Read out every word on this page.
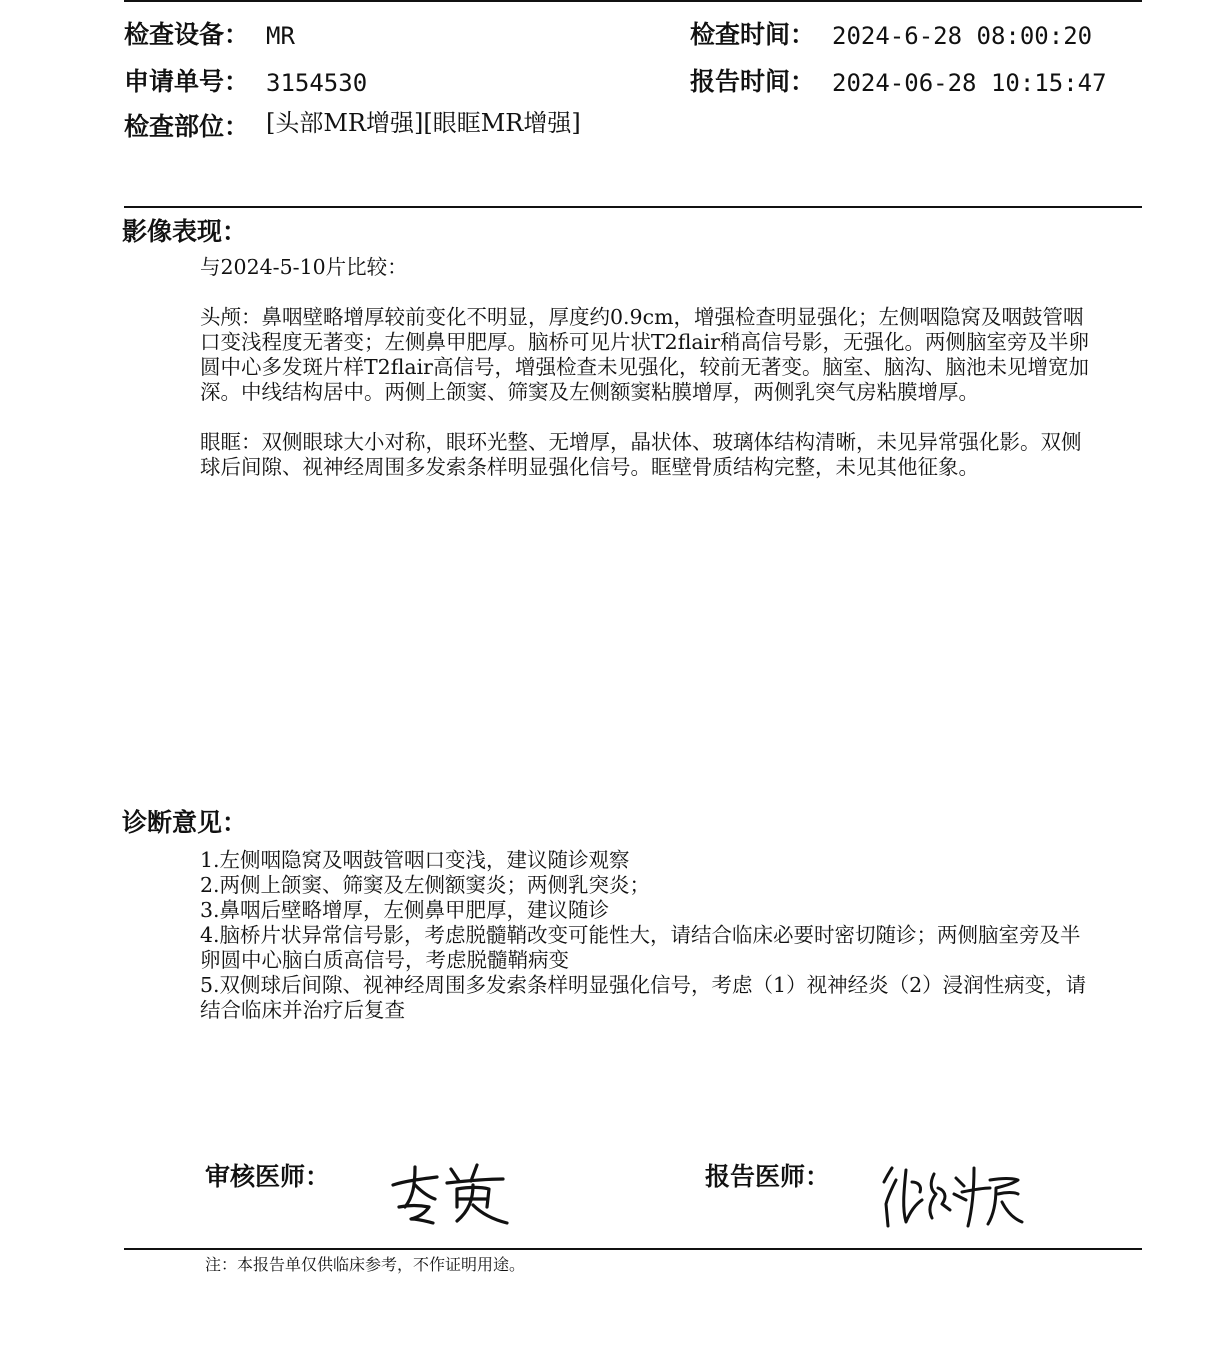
检查设备： MR	检查时间： 2024-6-28 08:00:20
申请单号： 3154530	报告时间： 2024-06-28 10:15:47
检查部位： [头部MR增强][眼眶MR增强]
影像表现：

与2024-5-10片比较：

头颅：鼻咽壁略增厚较前变化不明显，厚度约0.9cm，增强检查明显强化；左侧咽隐窝及咽鼓管咽口变浅程度无著变；左侧鼻甲肥厚。脑桥可见片状T2flair稍高信号影，无强化。两侧脑室旁及半卵圆中心多发斑片样T2flair高信号，增强检查未见强化，较前无著变。脑室、脑沟、脑池未见增宽加深。中线结构居中。两侧上颌窦、筛窦及左侧额窦粘膜增厚，两侧乳突气房粘膜增厚。

眼眶：双侧眼球大小对称，眼环光整、无增厚，晶状体、玻璃体结构清晰，未见异常强化影。双侧球后间隙、视神经周围多发索条样明显强化信号。眶壁骨质结构完整，未见其他征象。

诊断意见：

1.左侧咽隐窝及咽鼓管咽口变浅，建议随诊观察

2.两侧上颌窦、筛窦及左侧额窦炎；两侧乳突炎；

3.鼻咽后壁略增厚，左侧鼻甲肥厚，建议随诊

4.脑桥片状异常信号影，考虑脱髓鞘改变可能性大，请结合临床必要时密切随诊；两侧脑室旁及半卵圆中心脑白质高信号，考虑脱髓鞘病变

5.双侧球后间隙、视神经周围多发索条样明显强化信号，考虑（1）视神经炎（2）浸润性病变，请结合临床并治疗后复查

审核医师：	报告医师：
注：本报告单仅供临床参考，不作证明用途。
